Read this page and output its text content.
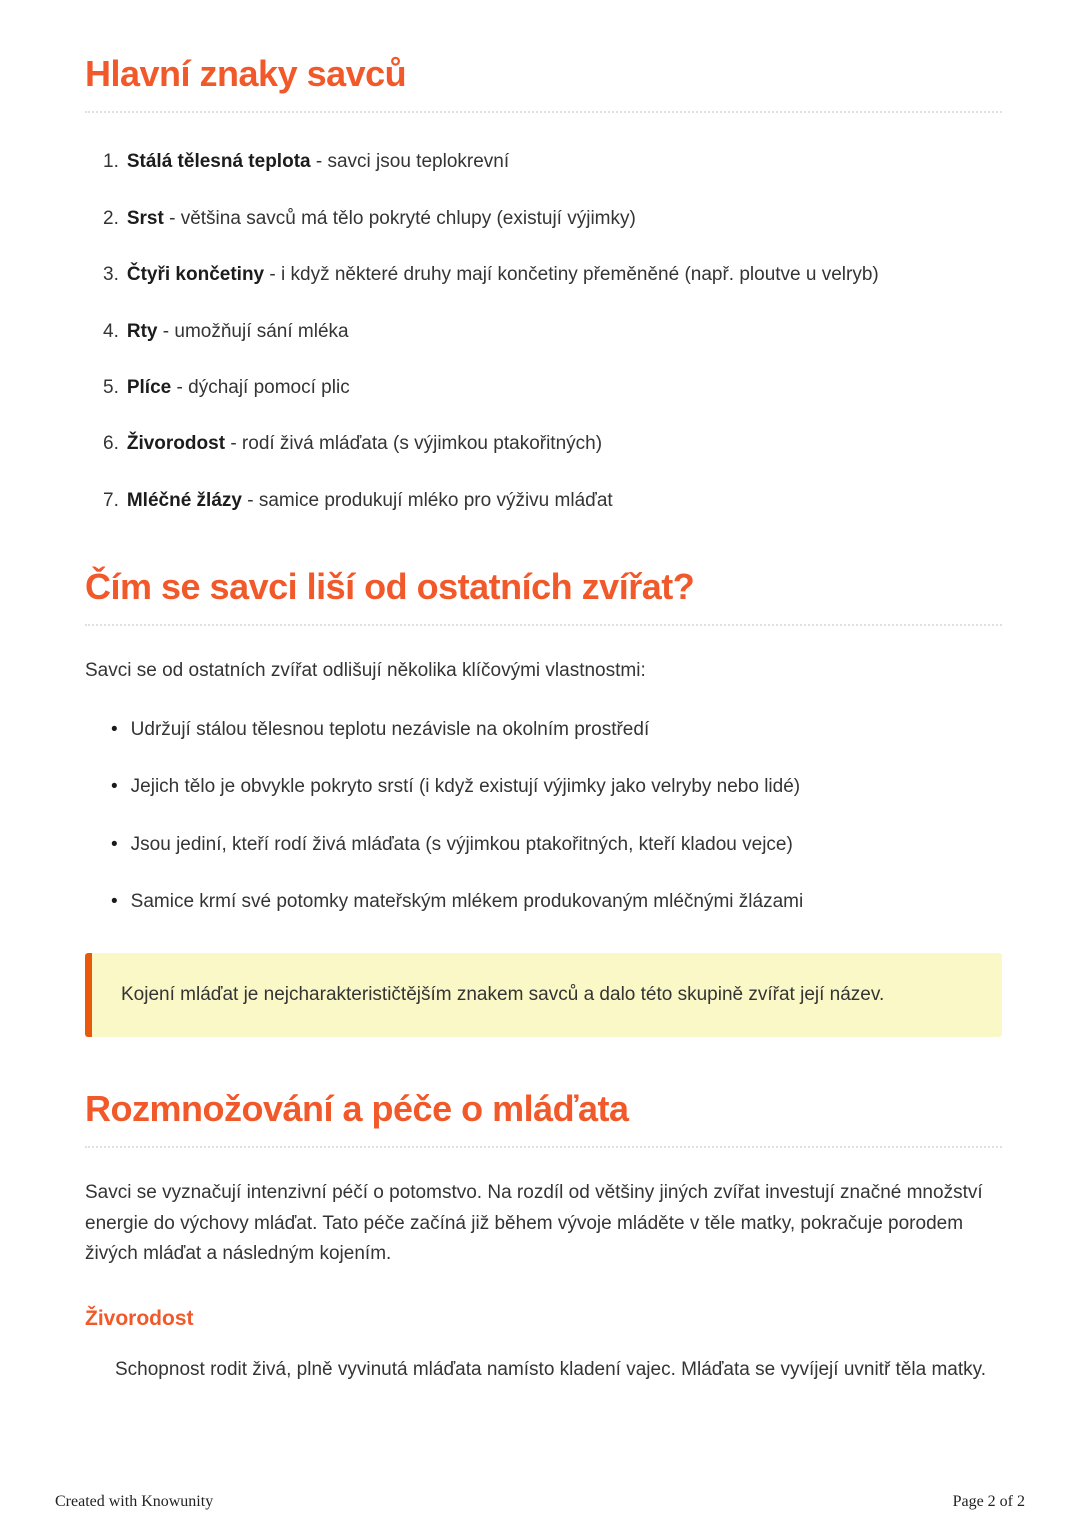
Hlavní znaky savců
1. Stálá tělesná teplota - savci jsou teplokrevní
2. Srst - většina savců má tělo pokryté chlupy (existují výjimky)
3. Čtyři končetiny - i když některé druhy mají končetiny přeměněné (např. ploutve u velryb)
4. Rty - umožňují sání mléka
5. Plíce - dýchají pomocí plic
6. Živorodost - rodí živá mláďata (s výjimkou ptakořitných)
7. Mléčné žlázy - samice produkují mléko pro výživu mláďat
Čím se savci liší od ostatních zvířat?

Savci se od ostatních zvířat odlišují několika klíčovými vlastnostmi:

• Udržují stálou tělesnou teplotu nezávisle na okolním prostředí
• Jejich tělo je obvykle pokryto srstí (i když existují výjimky jako velryby nebo lidé)
• Jsou jediní, kteří rodí živá mláďata (s výjimkou ptakořitných, kteří kladou vejce)
• Samice krmí své potomky mateřským mlékem produkovaným mléčnými žlázami
Kojení mláďat je nejcharakterističtějším znakem savců a dalo této skupině zvířat její název.
Rozmnožování a péče o mláďata

Savci se vyznačují intenzivní péčí o potomstvo. Na rozdíl od většiny jiných zvířat investují značné množství energie do výchovy mláďat. Tato péče začíná již během vývoje mláděte v těle matky, pokračuje porodem živých mláďat a následným kojením.

Živorodost

Schopnost rodit živá, plně vyvinutá mláďata namísto kladení vajec. Mláďata se vyvíjejí uvnitř těla matky.

Created with Knowunity	Page 2 of 2
